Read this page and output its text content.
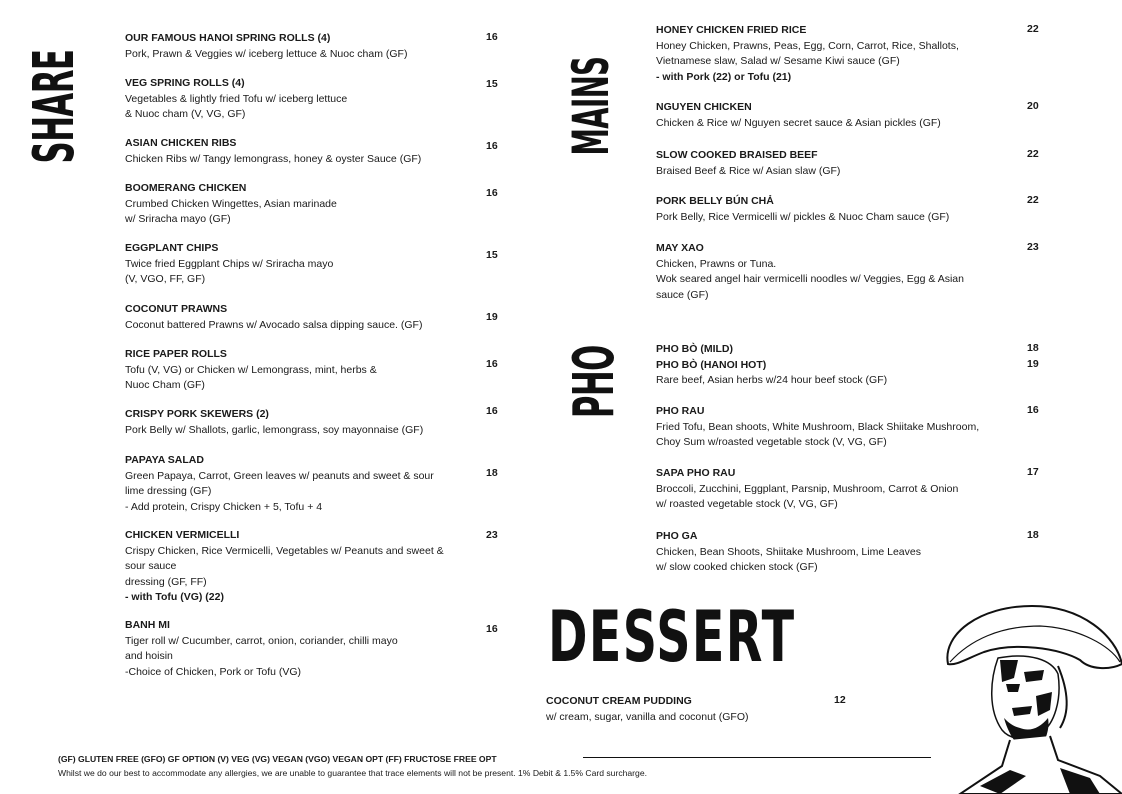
SHARE	MAINS
PHO
OUR FAMOUS HANOI SPRING ROLLS (4)
Pork, Prawn & Veggies w/ iceberg lettuce & Nuoc cham (GF)
16
VEG SPRING ROLLS (4)
Vegetables & lightly fried Tofu w/ iceberg lettuce
& Nuoc cham (V, VG, GF)
15
ASIAN CHICKEN RIBS
Chicken Ribs w/ Tangy lemongrass, honey & oyster Sauce (GF)
16
BOOMERANG CHICKEN
Crumbed Chicken Wingettes, Asian marinade
w/ Sriracha mayo (GF)
16
EGGPLANT CHIPS
Twice fried Eggplant Chips w/ Sriracha mayo
(V, VGO, FF, GF)
15
COCONUT PRAWNS
Coconut battered Prawns w/ Avocado salsa dipping sauce. (GF)
19
RICE PAPER ROLLS
Tofu (V, VG) or Chicken w/ Lemongrass, mint, herbs &
Nuoc Cham (GF)
16
CRISPY PORK SKEWERS (2)
Pork Belly w/ Shallots, garlic, lemongrass, soy mayonnaise (GF)
16
PAPAYA SALAD
Green Papaya, Carrot, Green leaves w/ peanuts and sweet & sour
lime dressing (GF)
- Add protein, Crispy Chicken + 5, Tofu + 4
18
CHICKEN VERMICELLI
Crispy Chicken, Rice Vermicelli, Vegetables w/ Peanuts and sweet &
sour sauce
dressing (GF, FF)
- with Tofu (VG) (22)
23
BANH MI
Tiger roll w/ Cucumber, carrot, onion, coriander, chilli mayo
and hoisin
-Choice of Chicken, Pork or Tofu (VG)
16
HONEY CHICKEN FRIED RICE
Honey Chicken, Prawns, Peas, Egg, Corn, Carrot, Rice, Shallots,
Vietnamese slaw, Salad w/ Sesame Kiwi sauce (GF)
- with Pork (22) or Tofu (21)
22
NGUYEN CHICKEN
Chicken & Rice w/ Nguyen secret sauce & Asian pickles (GF)
20
SLOW COOKED BRAISED BEEF
Braised Beef & Rice w/ Asian slaw (GF)
22
PORK BELLY BÚN CHẢ
Pork Belly, Rice Vermicelli w/ pickles & Nuoc Cham sauce (GF)
22
MAY XAO
Chicken, Prawns or Tuna.
Wok seared angel hair vermicelli noodles w/ Veggies, Egg & Asian
sauce (GF)
23
PHO BÒ (MILD)
PHO BÒ (HANOI HOT)
Rare beef, Asian herbs w/24 hour beef stock (GF)
18
19
PHO RAU
Fried Tofu, Bean shoots, White Mushroom, Black Shiitake Mushroom,
Choy Sum w/roasted vegetable stock (V, VG, GF)
16
SAPA PHO RAU
Broccoli, Zucchini, Eggplant, Parsnip, Mushroom, Carrot & Onion
w/ roasted vegetable stock (V, VG, GF)
17
PHO GA
Chicken, Bean Shoots, Shiitake Mushroom, Lime Leaves
w/ slow cooked chicken stock (GF)
18
DESSERT
COCONUT CREAM PUDDING
w/ cream, sugar, vanilla and coconut (GFO)
12
(GF) GLUTEN FREE (GFO) GF OPTION (V) VEG (VG) VEGAN (VGO) VEGAN OPT (FF) FRUCTOSE FREE OPT
Whilst we do our best to accommodate any allergies, we are unable to guarantee that trace elements will not be present. 1% Debit & 1.5% Card surcharge.
